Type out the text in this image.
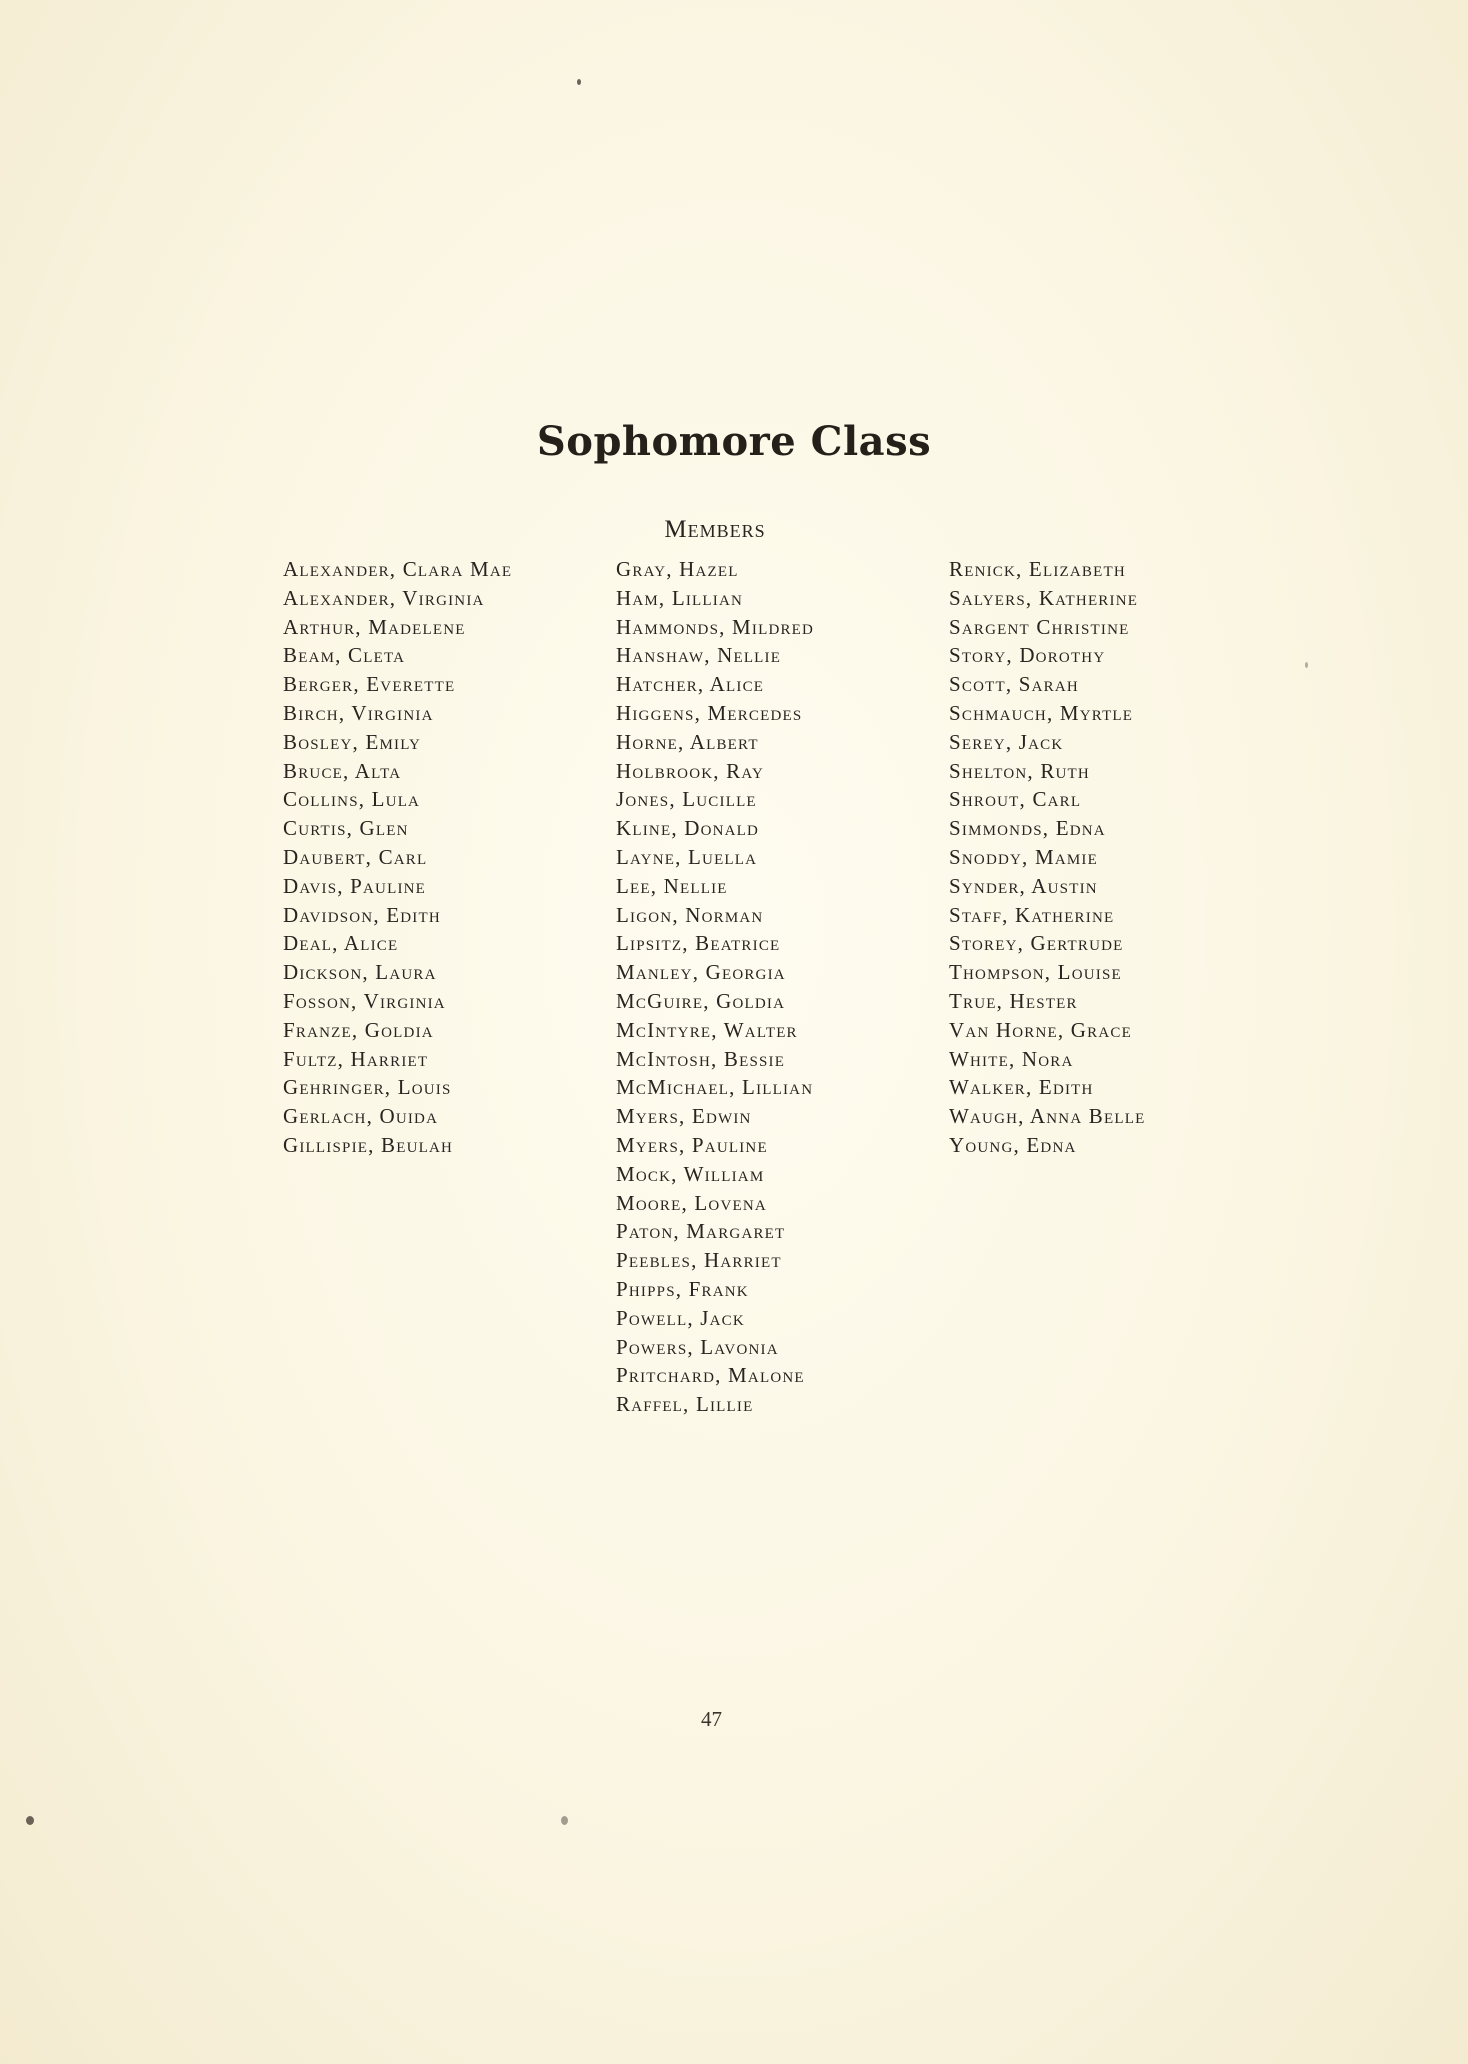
Sophomore Class
Members
Alexander, Clara Mae
Alexander, Virginia
Arthur, Madelene
Beam, Cleta
Berger, Everette
Birch, Virginia
Bosley, Emily
Bruce, Alta
Collins, Lula
Curtis, Glen
Daubert, Carl
Davis, Pauline
Davidson, Edith
Deal, Alice
Dickson, Laura
Fosson, Virginia
Franze, Goldia
Fultz, Harriet
Gehringer, Louis
Gerlach, Ouida
Gillispie, Beulah
Gray, Hazel
Ham, Lillian
Hammonds, Mildred
Hanshaw, Nellie
Hatcher, Alice
Higgens, Mercedes
Horne, Albert
Holbrook, Ray
Jones, Lucille
Kline, Donald
Layne, Luella
Lee, Nellie
Ligon, Norman
Lipsitz, Beatrice
Manley, Georgia
McGuire, Goldia
McIntyre, Walter
McIntosh, Bessie
McMichael, Lillian
Myers, Edwin
Myers, Pauline
Mock, William
Moore, Lovena
Paton, Margaret
Peebles, Harriet
Phipps, Frank
Powell, Jack
Powers, Lavonia
Pritchard, Malone
Raffel, Lillie
Renick, Elizabeth
Salyers, Katherine
Sargent Christine
Story, Dorothy
Scott, Sarah
Schmauch, Myrtle
Serey, Jack
Shelton, Ruth
Shrout, Carl
Simmonds, Edna
Snoddy, Mamie
Synder, Austin
Staff, Katherine
Storey, Gertrude
Thompson, Louise
True, Hester
Van Horne, Grace
White, Nora
Walker, Edith
Waugh, Anna Belle
Young, Edna
47
